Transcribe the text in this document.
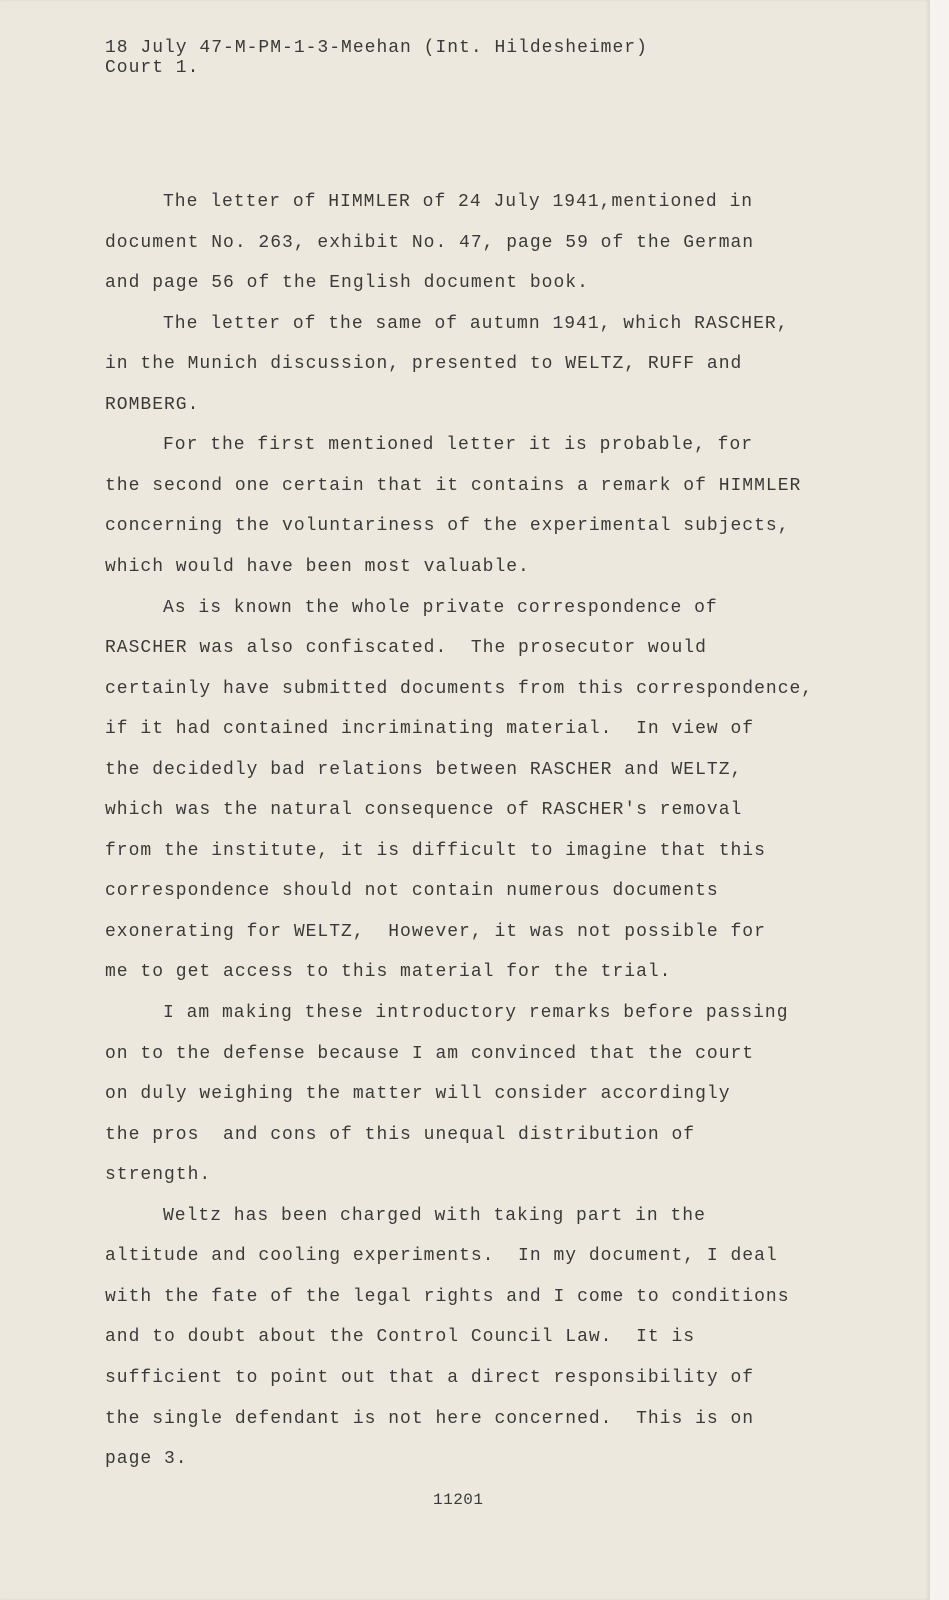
18 July 47-M-PM-1-3-Meehan (Int. Hildesheimer)
Court 1.
The letter of HIMMLER of 24 July 1941,mentioned in
document No. 263, exhibit No. 47, page 59 of the German
and page 56 of the English document book.
The letter of the same of autumn 1941, which RASCHER,
in the Munich discussion, presented to WELTZ, RUFF and
ROMBERG.
For the first mentioned letter it is probable, for
the second one certain that it contains a remark of HIMMLER
concerning the voluntariness of the experimental subjects,
which would have been most valuable.
As is known the whole private correspondence of
RASCHER was also confiscated.  The prosecutor would
certainly have submitted documents from this correspondence,
if it had contained incriminating material.  In view of
the decidedly bad relations between RASCHER and WELTZ,
which was the natural consequence of RASCHER's removal
from the institute, it is difficult to imagine that this
correspondence should not contain numerous documents
exonerating for WELTZ,  However, it was not possible for
me to get access to this material for the trial.
I am making these introductory remarks before passing
on to the defense because I am convinced that the court
on duly weighing the matter will consider accordingly
the pros  and cons of this unequal distribution of
strength.
Weltz has been charged with taking part in the
altitude and cooling experiments.  In my document, I deal
with the fate of the legal rights and I come to conditions
and to doubt about the Control Council Law.  It is
sufficient to point out that a direct responsibility of
the single defendant is not here concerned.  This is on
page 3.
11201
